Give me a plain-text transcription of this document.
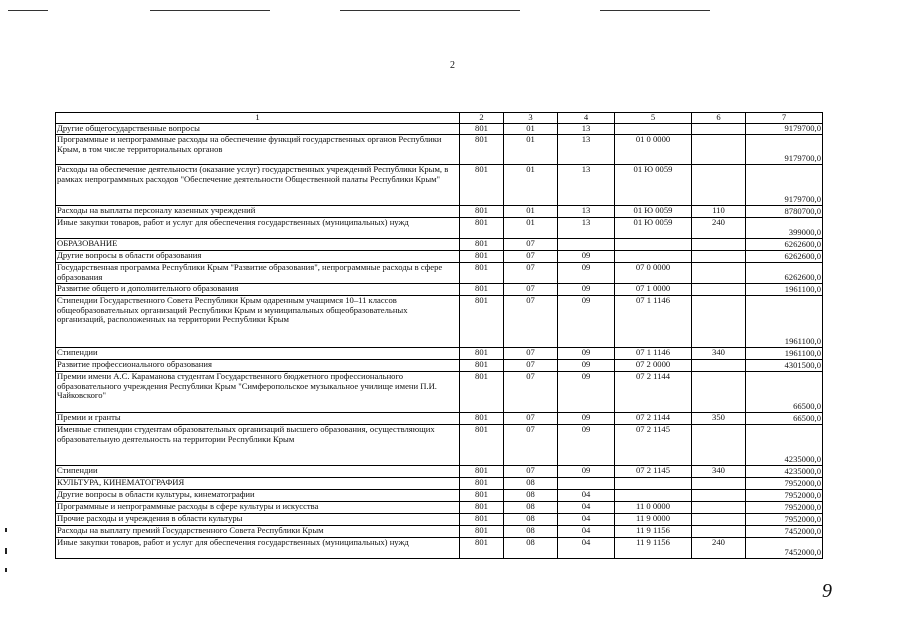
2
1	2	3	4	5	6	7
Другие общегосударственные вопросы	801	01	13			9179700,0
Программные и непрограммные расходы на обеспечение функций государственных органов Республики Крым, в том числе территориальных органов	801	01	13	01 0 0000		9179700,0
Расходы на обеспечение деятельности (оказание услуг) государственных учреждений Республики Крым, в рамках непрограммных расходов "Обеспечение деятельности Общественной палаты Республики Крым"	801	01	13	01 Ю 0059		9179700,0
Расходы на выплаты персоналу казенных учреждений	801	01	13	01 Ю 0059	110	8780700,0
Иные закупки товаров, работ и услуг для обеспечения государственных (муниципальных) нужд	801	01	13	01 Ю 0059	240	399000,0
ОБРАЗОВАНИЕ	801	07				6262600,0
Другие вопросы в области образования	801	07	09			6262600,0
Государственная программа Республики Крым "Развитие образования", непрограммные расходы в сфере образования	801	07	09	07 0 0000		6262600,0
Развитие общего и дополнительного образования	801	07	09	07 1 0000		1961100,0
Стипендии Государственного Совета Республики Крым одаренным учащимся 10–11 классов общеобразовательных организаций Республики Крым и муниципальных общеобразовательных организаций, расположенных на территории Республики Крым	801	07	09	07 1 1146		1961100,0
Стипендии	801	07	09	07 1 1146	340	1961100,0
Развитие профессионального образования	801	07	09	07 2 0000		4301500,0
Премии имени А.С. Караманова студентам Государственного бюджетного профессионального образовательного учреждения Республики Крым "Симферопольское музыкальное училище имени П.И. Чайковского"	801	07	09	07 2 1144		66500,0
Премии и гранты	801	07	09	07 2 1144	350	66500,0
Именные стипендии студентам образовательных организаций высшего образования, осуществляющих образовательную деятельность на территории Республики Крым	801	07	09	07 2 1145		4235000,0
Стипендии	801	07	09	07 2 1145	340	4235000,0
КУЛЬТУРА, КИНЕМАТОГРАФИЯ	801	08				7952000,0
Другие вопросы в области культуры, кинематографии	801	08	04			7952000,0
Программные и непрограммные расходы в сфере культуры и искусства	801	08	04	11 0 0000		7952000,0
Прочие расходы и учреждения в области культуры	801	08	04	11 9 0000		7952000,0
Расходы на выплату премий Государственного Совета Республики Крым	801	08	04	11 9 1156		7452000,0
Иные закупки товаров, работ и услуг для обеспечения государственных (муниципальных) нужд	801	08	04	11 9 1156	240	7452000,0
9
